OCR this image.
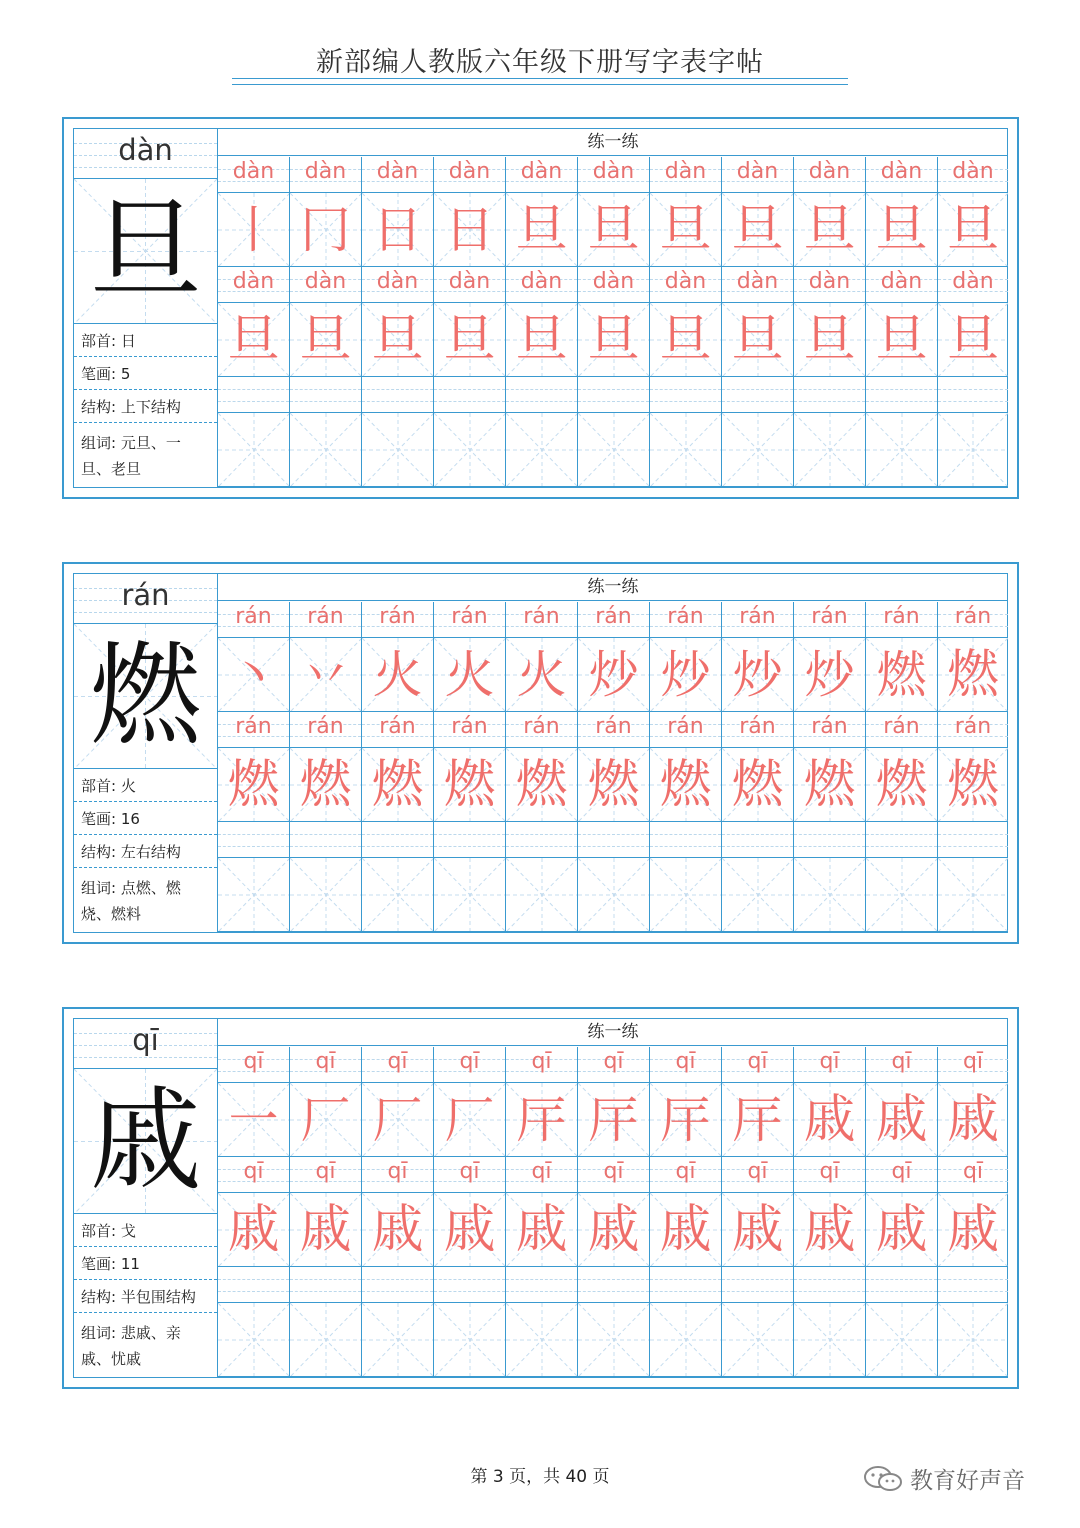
新部编人教版六年级下册写字表字帖
dàn
旦
部首: 日
笔画: 5
结构: 上下结构
组词: 元旦、一旦、老旦
练一练
dàn	dàn	dàn	dàn	dàn	dàn	dàn	dàn	dàn	dàn	dàn
丨 冂 日 日 旦 旦 旦 旦 旦 旦 旦
dàn	dàn	dàn	dàn	dàn	dàn	dàn	dàn	dàn	dàn	dàn
旦 旦 旦 旦 旦 旦 旦 旦 旦 旦 旦
rán
燃
部首: 火
笔画: 16
结构: 左右结构
组词: 点燃、燃烧、燃料
练一练
rán	rán	rán	rán	rán	rán	rán	rán	rán	rán	rán
丶 丷 火 火 火 炒 炒 炒 炒 燃 燃
rán	rán	rán	rán	rán	rán	rán	rán	rán	rán	rán
燃 燃 燃 燃 燃 燃 燃 燃 燃 燃 燃
qī
戚
部首: 戈
笔画: 11
结构: 半包围结构
组词: 悲戚、亲戚、忧戚
练一练
qī	qī	qī	qī	qī	qī	qī	qī	qī	qī	qī
一 厂 厂 厂 厈 厈 厈 厈 戚 戚 戚
qī	qī	qī	qī	qī	qī	qī	qī	qī	qī	qī
戚 戚 戚 戚 戚 戚 戚 戚 戚 戚 戚
第 3 页，共 40 页	教育好声音
